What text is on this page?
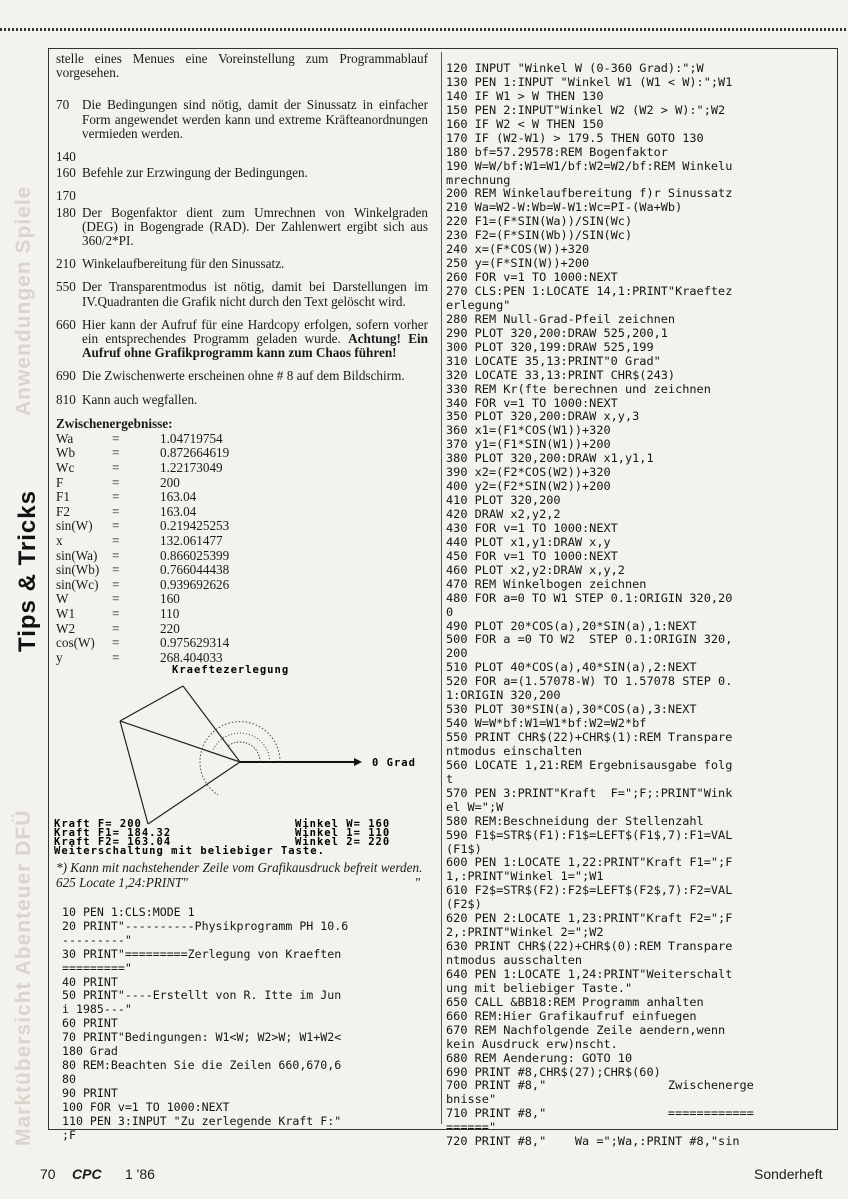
Anwendungen Spiele
Tips & Tricks
Marktübersicht Abenteuer DFÜ

stelle eines Menues eine Voreinstellung zum Programmablauf vorgesehen.

70 Die Bedingungen sind nötig, damit der Sinussatz in einfacher Form angewendet werden kann und extreme Kräfteanordnungen vermieden werden.
140
160 Befehle zur Erzwingung der Bedingungen.
170
180 Der Bogenfaktor dient zum Umrechnen von Winkelgraden (DEG) in Bogengrade (RAD). Der Zahlenwert ergibt sich aus 360/2*PI.
210 Winkelaufbereitung für den Sinussatz.
550 Der Transparentmodus ist nötig, damit bei Darstellungen im IV.Quadranten die Grafik nicht durch den Text gelöscht wird.
660 Hier kann der Aufruf für eine Hardcopy erfolgen, sofern vorher ein entsprechendes Programm geladen wurde. Achtung! Ein Aufruf ohne Grafikprogramm kann zum Chaos führen!
690 Die Zwischenwerte erscheinen ohne # 8 auf dem Bildschirm.
810 Kann auch wegfallen.
Zwischenergebnisse:
Wa	=	1.04719754
Wb	=	0.872664619
Wc	=	1.22173049
F	=	200
F1	=	163.04
F2	=	163.04
sin(W)	=	0.219425253
x	=	132.061477
sin(Wa)	=	0.866025399
sin(Wb)	=	0.766044438
sin(Wc)	=	0.939692626
W	=	160
W1	=	110
W2	=	220
cos(W)	=	0.975629314
y	=	268.404033
Kraeftezerlegung
0 Grad
Kraft F= 200
Kraft F1= 184.32
Kraft F2= 163.04
Winkel W= 160
Winkel 1= 110
Winkel 2= 220
Weiterschaltung mit beliebiger Taste.
*) Kann mit nachstehender Zeile vom Grafikausdruck befreit werden.
625 Locate 1,24:PRINT"	"
10 PEN 1:CLS:MODE 1
20 PRINT"----------Physikprogramm PH 10.6
---------"
30 PRINT"=========Zerlegung von Kraeften
========="
40 PRINT
50 PRINT"----Erstellt von R. Itte im Jun
i 1985---"
60 PRINT
70 PRINT"Bedingungen: W1<W; W2>W; W1+W2<
180 Grad
80 REM:Beachten Sie die Zeilen 660,670,6
80
90 PRINT
100 FOR v=1 TO 1000:NEXT
110 PEN 3:INPUT "Zu zerlegende Kraft F:"
;F
120 INPUT "Winkel W (0-360 Grad):";W
130 PEN 1:INPUT "Winkel W1 (W1 < W):";W1
140 IF W1 > W THEN 130
150 PEN 2:INPUT"Winkel W2 (W2 > W):";W2
160 IF W2 < W THEN 150
170 IF (W2-W1) > 179.5 THEN GOTO 130
180 bf=57.29578:REM Bogenfaktor
190 W=W/bf:W1=W1/bf:W2=W2/bf:REM Winkelu
mrechnung
200 REM Winkelaufbereitung f)r Sinussatz
210 Wa=W2-W:Wb=W-W1:Wc=PI-(Wa+Wb)
220 F1=(F*SIN(Wa))/SIN(Wc)
230 F2=(F*SIN(Wb))/SIN(Wc)
240 x=(F*COS(W))+320
250 y=(F*SIN(W))+200
260 FOR v=1 TO 1000:NEXT
270 CLS:PEN 1:LOCATE 14,1:PRINT"Kraeftez
erlegung"
280 REM Null-Grad-Pfeil zeichnen
290 PLOT 320,200:DRAW 525,200,1
300 PLOT 320,199:DRAW 525,199
310 LOCATE 35,13:PRINT"0 Grad"
320 LOCATE 33,13:PRINT CHR$(243)
330 REM Kr(fte berechnen und zeichnen
340 FOR v=1 TO 1000:NEXT
350 PLOT 320,200:DRAW x,y,3
360 x1=(F1*COS(W1))+320
370 y1=(F1*SIN(W1))+200
380 PLOT 320,200:DRAW x1,y1,1
390 x2=(F2*COS(W2))+320
400 y2=(F2*SIN(W2))+200
410 PLOT 320,200
420 DRAW x2,y2,2
430 FOR v=1 TO 1000:NEXT
440 PLOT x1,y1:DRAW x,y
450 FOR v=1 TO 1000:NEXT
460 PLOT x2,y2:DRAW x,y,2
470 REM Winkelbogen zeichnen
480 FOR a=0 TO W1 STEP 0.1:ORIGIN 320,20
0
490 PLOT 20*COS(a),20*SIN(a),1:NEXT
500 FOR a =0 TO W2  STEP 0.1:ORIGIN 320,
200
510 PLOT 40*COS(a),40*SIN(a),2:NEXT
520 FOR a=(1.57078-W) TO 1.57078 STEP 0.
1:ORIGIN 320,200
530 PLOT 30*SIN(a),30*COS(a),3:NEXT
540 W=W*bf:W1=W1*bf:W2=W2*bf
550 PRINT CHR$(22)+CHR$(1):REM Transpare
ntmodus einschalten
560 LOCATE 1,21:REM Ergebnisausgabe folg
t
570 PEN 3:PRINT"Kraft  F=";F;:PRINT"Wink
el W=";W
580 REM:Beschneidung der Stellenzahl
590 F1$=STR$(F1):F1$=LEFT$(F1$,7):F1=VAL
(F1$)
600 PEN 1:LOCATE 1,22:PRINT"Kraft F1=";F
1,:PRINT"Winkel 1=";W1
610 F2$=STR$(F2):F2$=LEFT$(F2$,7):F2=VAL
(F2$)
620 PEN 2:LOCATE 1,23:PRINT"Kraft F2=";F
2,:PRINT"Winkel 2=";W2
630 PRINT CHR$(22)+CHR$(0):REM Transpare
ntmodus ausschalten
640 PEN 1:LOCATE 1,24:PRINT"Weiterschalt
ung mit beliebiger Taste."
650 CALL &BB18:REM Programm anhalten
660 REM:Hier Grafikaufruf einfuegen
670 REM Nachfolgende Zeile aendern,wenn
kein Ausdruck erw)nscht.
680 REM Aenderung: GOTO 10
690 PRINT #8,CHR$(27);CHR$(60)
700 PRINT #8,"                 Zwischenerge
bnisse"
710 PRINT #8,"                 ============
======"
720 PRINT #8,"    Wa =";Wa,:PRINT #8,"sin
70 CPC 1 '86	Sonderheft
